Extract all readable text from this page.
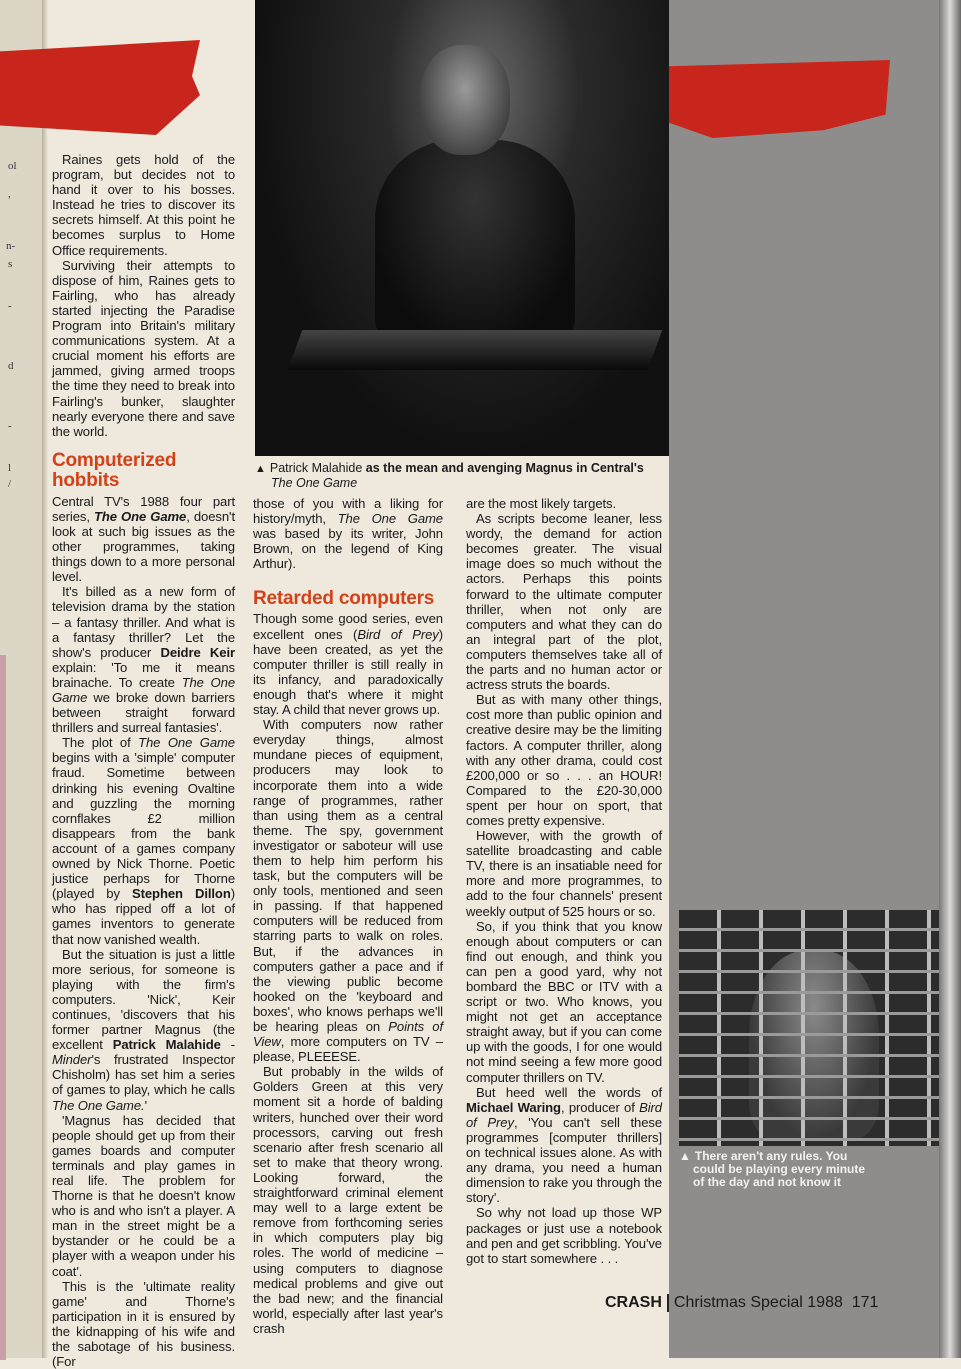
ol
,
n-
s
-
d
-
l
/
▲ Patrick Malahide as the mean and avenging Magnus in Central's
The One Game
▲ There aren't any rules. You could be playing every minute of the day and not know it

Raines gets hold of the program, but decides not to hand it over to his bosses. Instead he tries to discover its secrets himself. At this point he becomes surplus to Home Office requirements.

Surviving their attempts to dispose of him, Raines gets to Fairling, who has already started injecting the Paradise Program into Britain's military communications system. At a crucial moment his efforts are jammed, giving armed troops the time they need to break into Fairling's bunker, slaughter nearly everyone there and save the world.

Computerized hobbits

Central TV's 1988 four part series, The One Game, doesn't look at such big issues as the other programmes, taking things down to a more personal level.

It's billed as a new form of television drama by the station – a fantasy thriller. And what is a fantasy thriller? Let the show's producer Deidre Keir explain: 'To me it means brainache. To create The One Game we broke down barriers between straight forward thrillers and surreal fantasies'.

The plot of The One Game begins with a 'simple' computer fraud. Sometime between drinking his evening Ovaltine and guzzling the morning cornflakes £2 million disappears from the bank account of a games company owned by Nick Thorne. Poetic justice perhaps for Thorne (played by Stephen Dillon) who has ripped off a lot of games inventors to generate that now vanished wealth.

But the situation is just a little more serious, for someone is playing with the firm's computers. 'Nick', Keir continues, 'discovers that his former partner Magnus (the excellent Patrick Malahide - Minder's frustrated Inspector Chisholm) has set him a series of games to play, which he calls The One Game.'

'Magnus has decided that people should get up from their games boards and computer terminals and play games in real life. The problem for Thorne is that he doesn't know who is and who isn't a player. A man in the street might be a bystander or he could be a player with a weapon under his coat'.

This is the 'ultimate reality game' and Thorne's participation in it is ensured by the kidnapping of his wife and the sabotage of his business. (For

those of you with a liking for history/myth, The One Game was based by its writer, John Brown, on the legend of King Arthur).

Retarded computers

Though some good series, even excellent ones (Bird of Prey) have been created, as yet the computer thriller is still really in its infancy, and paradoxically enough that's where it might stay. A child that never grows up.

With computers now rather everyday things, almost mundane pieces of equipment, producers may look to incorporate them into a wide range of programmes, rather than using them as a central theme. The spy, government investigator or saboteur will use them to help him perform his task, but the computers will be only tools, mentioned and seen in passing. If that happened computers will be reduced from starring parts to walk on roles. But, if the advances in computers gather a pace and if the viewing public become hooked on the 'keyboard and boxes', who knows perhaps we'll be hearing pleas on Points of View, more computers on TV – please, PLEEESE.

But probably in the wilds of Golders Green at this very moment sit a horde of balding writers, hunched over their word processors, carving out fresh scenario after fresh scenario all set to make that theory wrong. Looking forward, the straightforward criminal element may well to a large extent be remove from forthcoming series in which computers play big roles. The world of medicine – using computers to diagnose medical problems and give out the bad new; and the financial world, especially after last year's crash

are the most likely targets.

As scripts become leaner, less wordy, the demand for action becomes greater. The visual image does so much without the actors. Perhaps this points forward to the ultimate computer thriller, when not only are computers and what they can do an integral part of the plot, computers themselves take all of the parts and no human actor or actress struts the boards.

But as with many other things, cost more than public opinion and creative desire may be the limiting factors. A computer thriller, along with any other drama, could cost £200,000 or so . . . an HOUR! Compared to the £20-30,000 spent per hour on sport, that comes pretty expensive.

However, with the growth of satellite broadcasting and cable TV, there is an insatiable need for more and more programmes, to add to the four channels' present weekly output of 525 hours or so.

So, if you think that you know enough about computers or can find out enough, and think you can pen a good yard, why not bombard the BBC or ITV with a script or two. Who knows, you might not get an acceptance straight away, but if you can come up with the goods, I for one would not mind seeing a few more good computer thrillers on TV.

But heed well the words of Michael Waring, producer of Bird of Prey, 'You can't sell these programmes [computer thrillers] on technical issues alone. As with any drama, you need a human dimension to rake you through the story'.

So why not load up those WP packages or just use a notebook and pen and get scribbling. You've got to start somewhere . . .

CRASH Christmas Special 1988 171
